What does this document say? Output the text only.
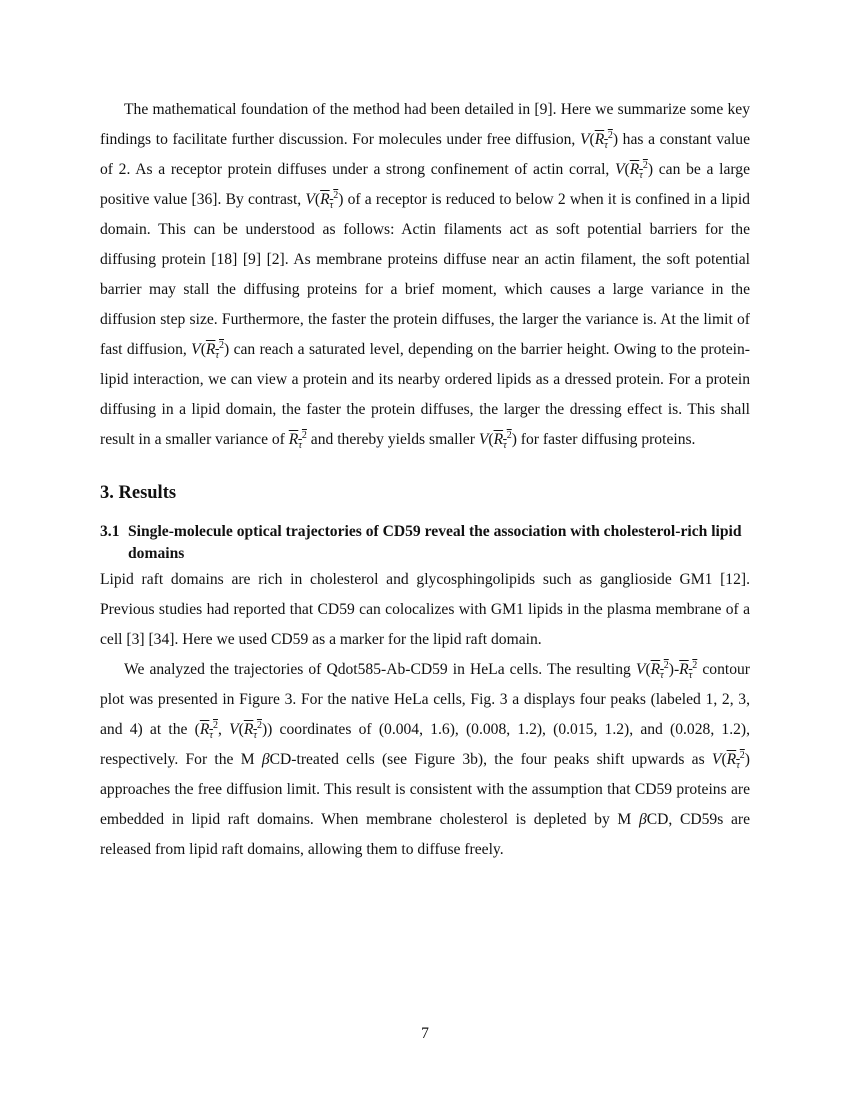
The mathematical foundation of the method had been detailed in [9]. Here we summarize some key findings to facilitate further discussion. For molecules under free diffusion, $V(R_\tau^2)$ has a constant value of 2. As a receptor protein diffuses under a strong confinement of actin corral, $V(R_\tau^2)$ can be a large positive value [36]. By contrast, $V(R_\tau^2)$ of a receptor is reduced to below 2 when it is confined in a lipid domain. This can be understood as follows: Actin filaments act as soft potential barriers for the diffusing protein [18] [9] [2]. As membrane proteins diffuse near an actin filament, the soft potential barrier may stall the diffusing proteins for a brief moment, which causes a large variance in the diffusion step size. Furthermore, the faster the protein diffuses, the larger the variance is. At the limit of fast diffusion, $V(R_\tau^2)$ can reach a saturated level, depending on the barrier height. Owing to the protein-lipid interaction, we can view a protein and its nearby ordered lipids as a dressed protein. For a protein diffusing in a lipid domain, the faster the protein diffuses, the larger the dressing effect is. This shall result in a smaller variance of $R_\tau^2$ and thereby yields smaller $V(R_\tau^2)$ for faster diffusing proteins.

3. Results
3.1 Single-molecule optical trajectories of CD59 reveal the association with cholesterol-rich lipid domains

Lipid raft domains are rich in cholesterol and glycosphingolipids such as ganglioside GM1 [12]. Previous studies had reported that CD59 can colocalizes with GM1 lipids in the plasma membrane of a cell [3] [34]. Here we used CD59 as a marker for the lipid raft domain.

We analyzed the trajectories of Qdot585-Ab-CD59 in HeLa cells. The resulting $V(R_\tau^2)-R_\tau^2$ contour plot was presented in Figure 3. For the native HeLa cells, Fig. 3 a displays four peaks (labeled 1, 2, 3, and 4) at the ($R_\tau^2$, $V(R_\tau^2)$) coordinates of (0.004, 1.6), (0.008, 1.2), (0.015, 1.2), and (0.028, 1.2), respectively. For the M βCD-treated cells (see Figure 3b), the four peaks shift upwards as $V(R_\tau^2)$ approaches the free diffusion limit. This result is consistent with the assumption that CD59 proteins are embedded in lipid raft domains. When membrane cholesterol is depleted by M βCD, CD59s are released from lipid raft domains, allowing them to diffuse freely.

7
